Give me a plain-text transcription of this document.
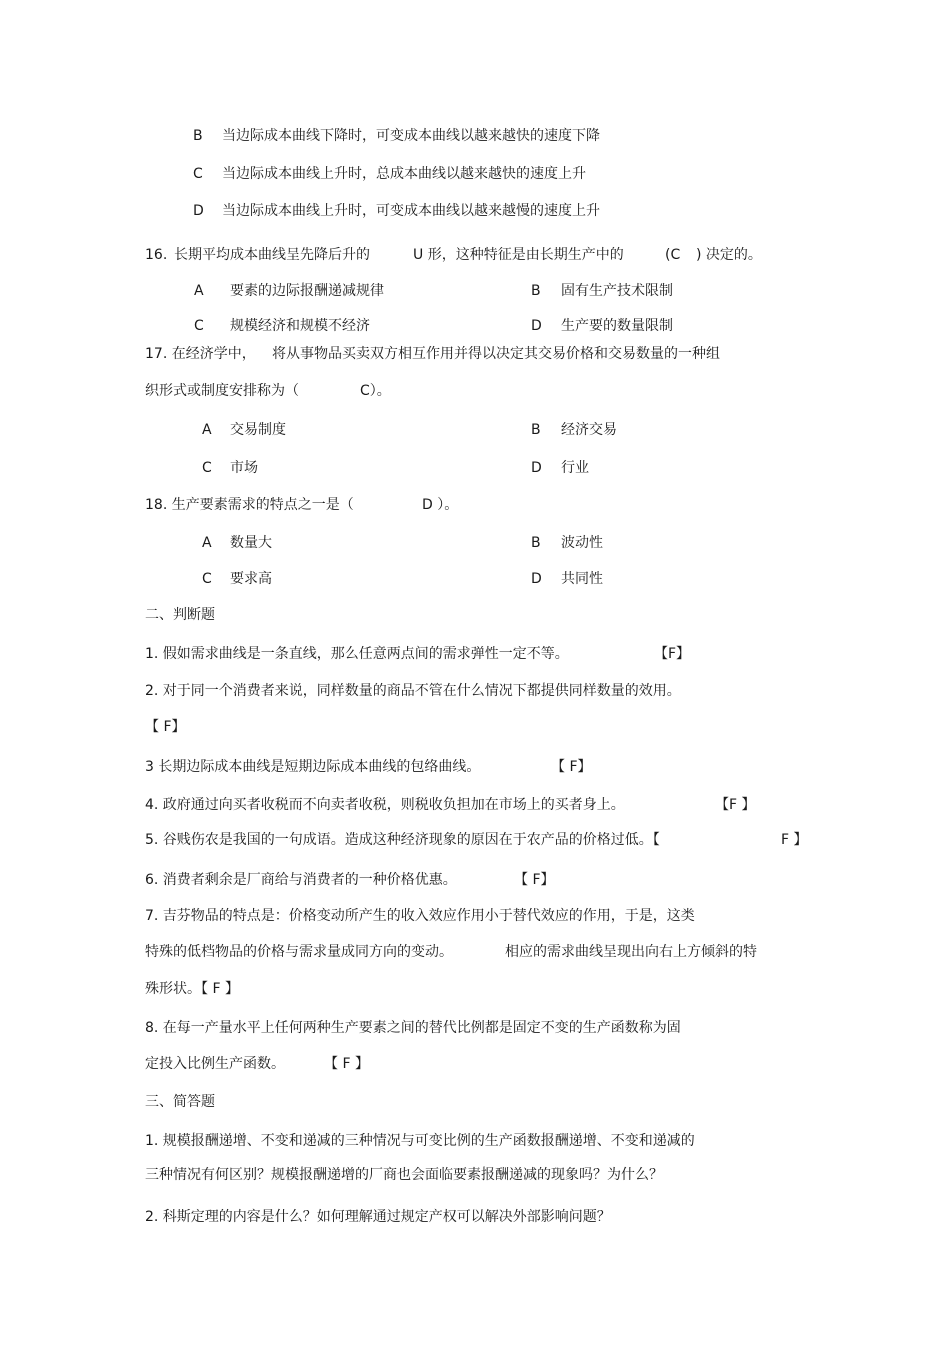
B 当边际成本曲线下降时，可变成本曲线以越来越快的速度下降
C 当边际成本曲线上升时，总成本曲线以越来越快的速度上升
D 当边际成本曲线上升时，可变成本曲线以越来越慢的速度上升
16. 长期平均成本曲线呈先降后升的	U 形，这种特征是由长期生产中的	(C ) 决定的。
A 要素的边际报酬递减规律	B 固有生产技术限制
C 规模经济和规模不经济	D 生产要的数量限制
17. 在经济学中， 将从事物品买卖双方相互作用并得以决定其交易价格和交易数量的一种组
织形式或制度安排称为（	C）。
A 交易制度	B 经济交易
C 市场	D 行业
18. 生产要素需求的特点之一是（	D ）。
A 数量大	B 波动性
C 要求高	D 共同性
二、判断题
1. 假如需求曲线是一条直线，那么任意两点间的需求弹性一定不等。	【F】
2. 对于同一个消费者来说，同样数量的商品不管在什么情况下都提供同样数量的效用。
【 F】
3 长期边际成本曲线是短期边际成本曲线的包络曲线。	【 F】
4. 政府通过向买者收税而不向卖者收税，则税收负担加在市场上的买者身上。	【F 】
5. 谷贱伤农是我国的一句成语。造成这种经济现象的原因在于农产品的价格过低。【	F 】
6. 消费者剩余是厂商给与消费者的一种价格优惠。	【 F】
7. 吉芬物品的特点是：价格变动所产生的收入效应作用小于替代效应的作用，于是，这类
特殊的低档物品的价格与需求量成同方向的变动。	相应的需求曲线呈现出向右上方倾斜的特
殊形状。【 F 】
8. 在每一产量水平上任何两种生产要素之间的替代比例都是固定不变的生产函数称为固
定投入比例生产函数。	【 F 】
三、简答题
1. 规模报酬递增、不变和递减的三种情况与可变比例的生产函数报酬递增、不变和递减的
三种情况有何区别？规模报酬递增的厂商也会面临要素报酬递减的现象吗？为什么？
2. 科斯定理的内容是什么？如何理解通过规定产权可以解决外部影响问题？
